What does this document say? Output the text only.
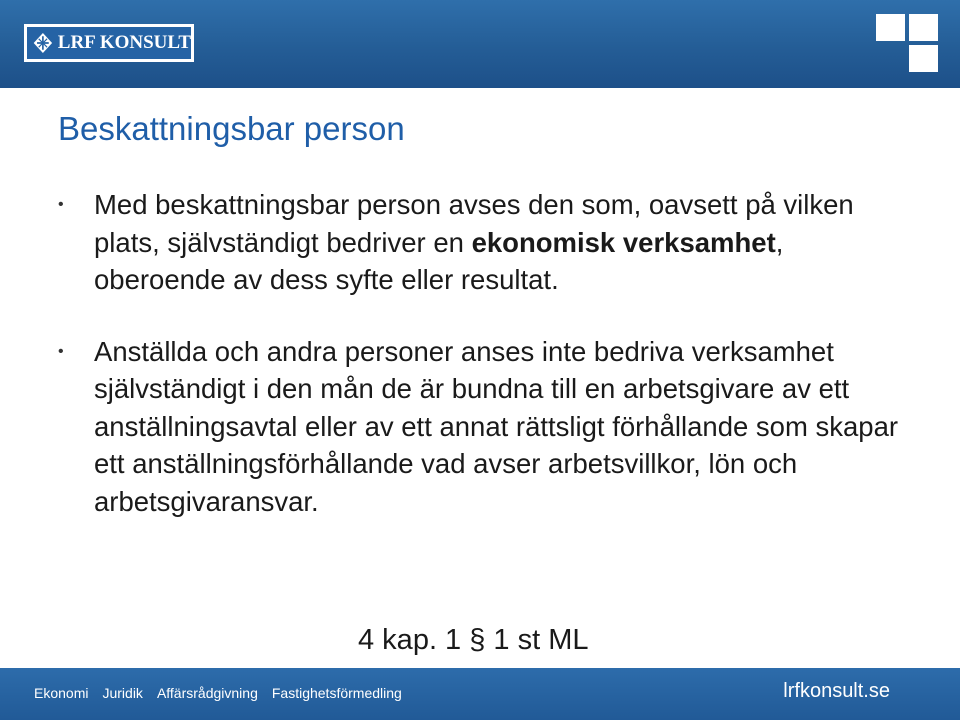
LRF KONSULT
Beskattningsbar person
• Med beskattningsbar person avses den som, oavsett på vilken plats, självständigt bedriver en ekonomisk verksamhet, oberoende av dess syfte eller resultat.
• Anställda och andra personer anses inte bedriva verksamhet självständigt i den mån de är bundna till en arbetsgivare av ett anställningsavtal eller av ett annat rättsligt förhållande som skapar ett anställningsförhållande vad avser arbetsvillkor, lön och arbetsgivaransvar.
4 kap. 1 § 1 st ML
Ekonomi Juridik Affärsrådgivning Fastighetsförmedling	lrfkonsult.se
